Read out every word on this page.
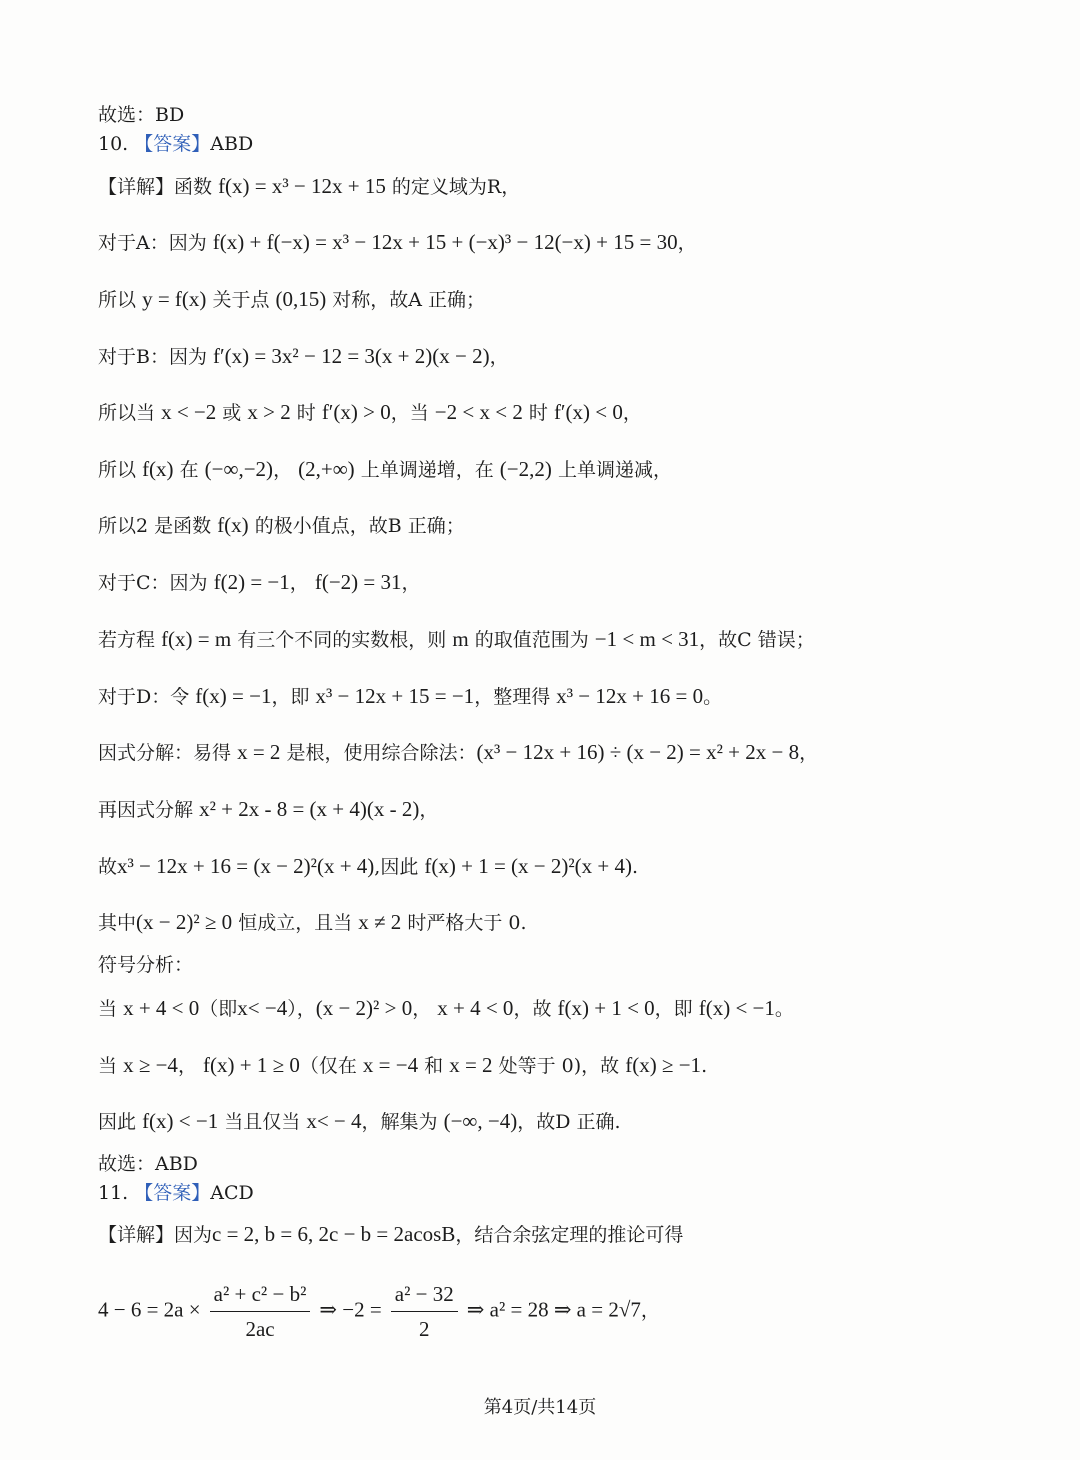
故选：BD
10. 【答案】ABD
【详解】函数 f(x) = x³ − 12x + 15 的定义域为R，
对于A：因为 f(x) + f(−x) = x³ − 12x + 15 + (−x)³ − 12(−x) + 15 = 30，
所以 y = f(x) 关于点 (0,15) 对称，故A 正确；
对于B：因为 f′(x) = 3x² − 12 = 3(x + 2)(x − 2)，
所以当 x < −2 或 x > 2 时 f′(x) > 0，当 −2 < x < 2 时 f′(x) < 0，
所以 f(x) 在 (−∞,−2)， (2,+∞) 上单调递增，在 (−2,2) 上单调递减，
所以2 是函数 f(x) 的极小值点，故B 正确；
对于C：因为 f(2) = −1， f(−2) = 31，
若方程 f(x) = m 有三个不同的实数根，则 m 的取值范围为 −1 < m < 31，故C 错误；
对于D：令 f(x) = −1，即 x³ − 12x + 15 = −1，整理得 x³ − 12x + 16 = 0。
因式分解：易得 x = 2 是根，使用综合除法：(x³ − 12x + 16) ÷ (x − 2) = x² + 2x − 8，
再因式分解 x² + 2x - 8 = (x + 4)(x - 2)，
故x³ − 12x + 16 = (x − 2)²(x + 4),因此 f(x) + 1 = (x − 2)²(x + 4).
其中(x − 2)² ≥ 0 恒成立，且当 x ≠ 2 时严格大于 0.
符号分析：
当 x + 4 < 0（即x< −4），(x − 2)² > 0， x + 4 < 0，故 f(x) + 1 < 0，即 f(x) < −1。
当 x ≥ −4， f(x) + 1 ≥ 0（仅在 x = −4 和 x = 2 处等于 0)，故 f(x) ≥ −1.
因此 f(x) < −1 当且仅当 x< − 4，解集为 (−∞, −4)，故D 正确.
故选：ABD
11. 【答案】ACD
【详解】因为c = 2, b = 6, 2c − b = 2acosB，结合余弦定理的推论可得
$4 - 6 = 2a \times \frac{\text{a² + c² − b²}}{2ac}$ ⇒ $-2 = \frac{\text{a² − 32}}{2}$ ⇒ a² = 28 ⇒ a = 2√7，
第4页/共14页
